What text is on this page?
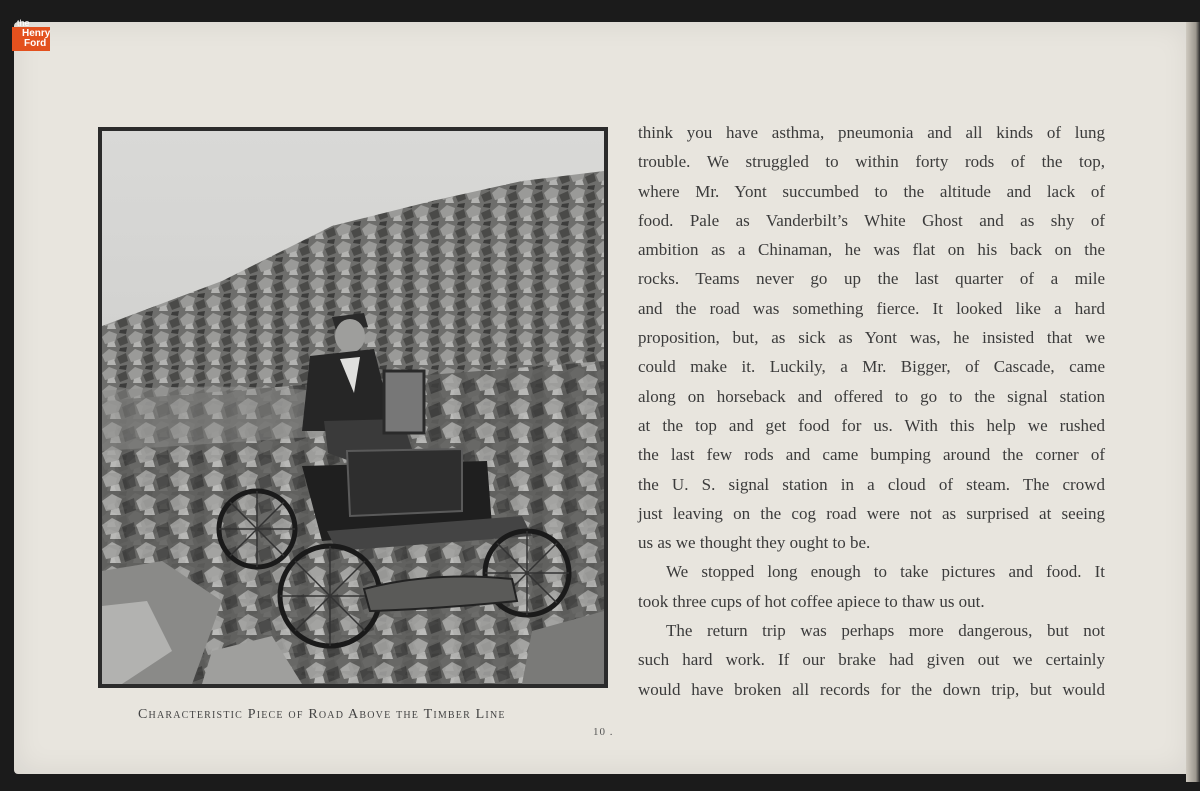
the
Henry
Ford
Characteristic Piece of Road Above the Timber Line
10 .
think you have asthma, pneumonia and all kinds of lung
trouble. We struggled to within forty rods of the top,
where Mr. Yont succumbed to the altitude and lack of
food. Pale as Vanderbilt’s White Ghost and as shy of
ambition as a Chinaman, he was flat on his back on the
rocks. Teams never go up the last quarter of a mile
and the road was something fierce. It looked like a hard
proposition, but, as sick as Yont was, he insisted that we
could make it. Luckily, a Mr. Bigger, of Cascade, came
along on horseback and offered to go to the signal station
at the top and get food for us. With this help we rushed
the last few rods and came bumping around the corner of
the U. S. signal station in a cloud of steam. The crowd
just leaving on the cog road were not as surprised at seeing
us as we thought they ought to be.
We stopped long enough to take pictures and food. It
took three cups of hot coffee apiece to thaw us out.
The return trip was perhaps more dangerous, but not
such hard work. If our brake had given out we certainly
would have broken all records for the down trip, but would
